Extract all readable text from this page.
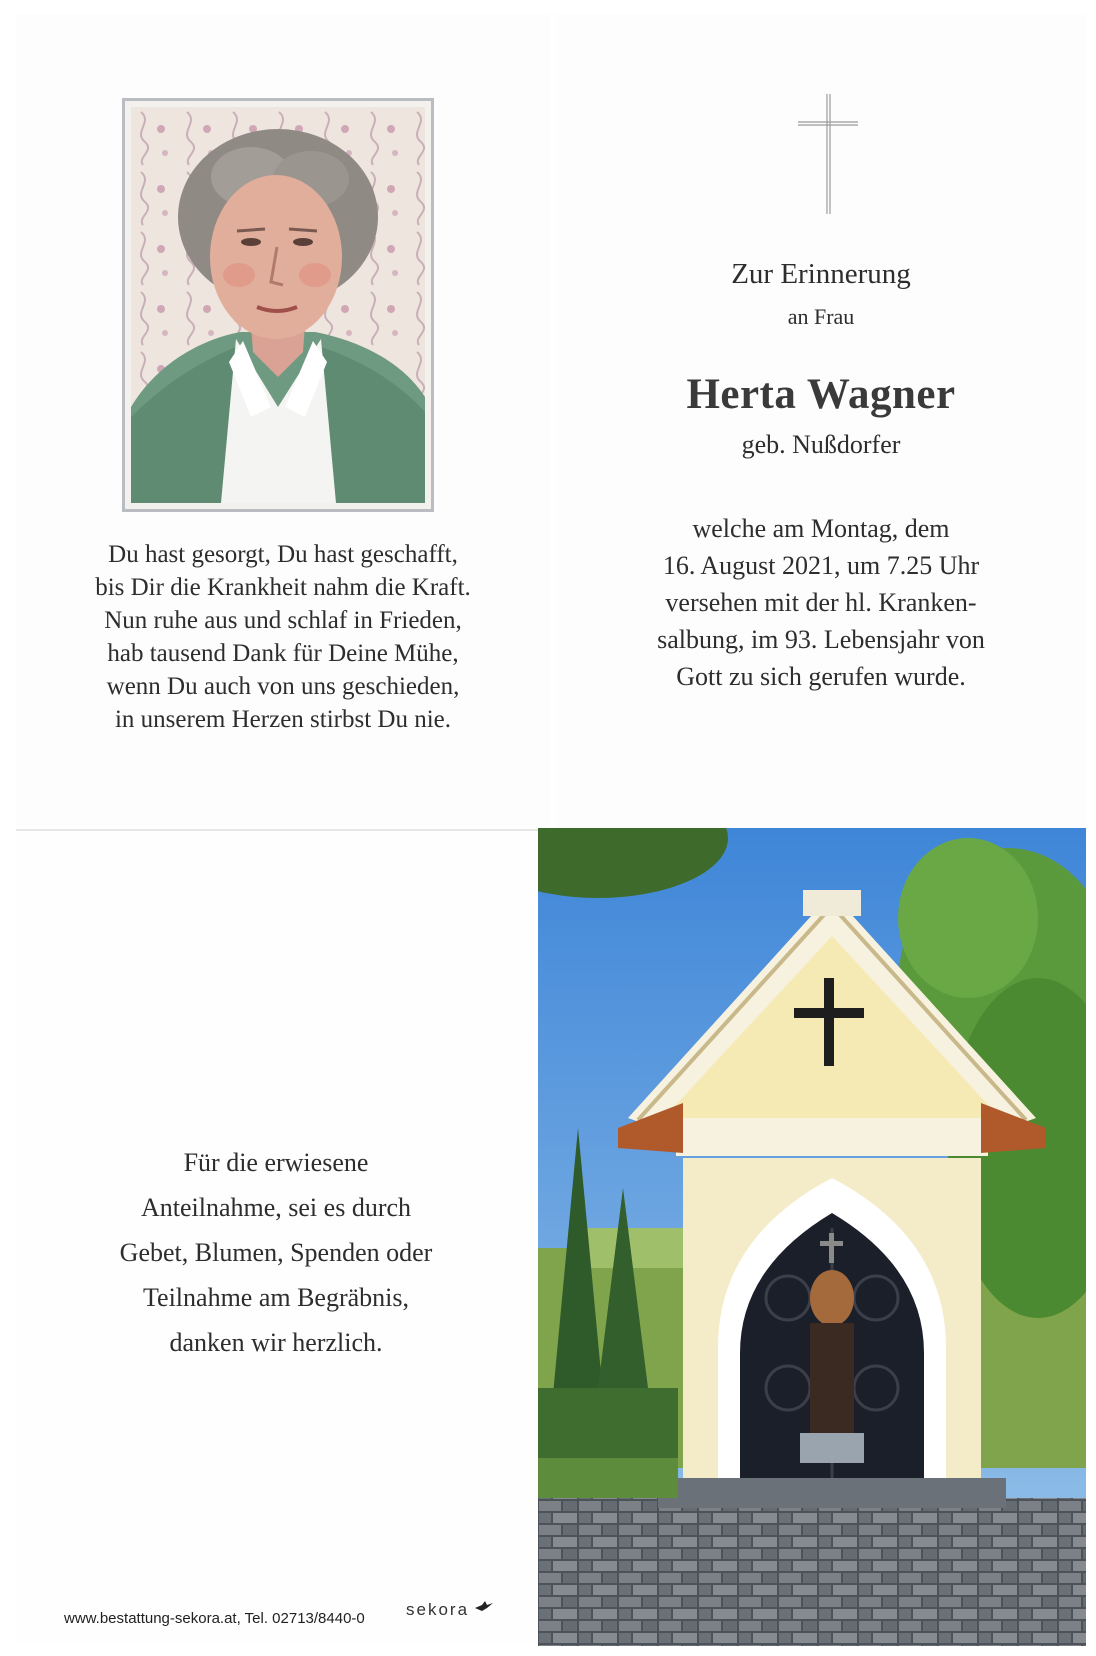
Du hast gesorgt, Du hast geschafft,
bis Dir die Krankheit nahm die Kraft.
Nun ruhe aus und schlaf in Frieden,
hab tausend Dank für Deine Mühe,
wenn Du auch von uns geschieden,
in unserem Herzen stirbst Du nie.
Zur Erinnerung
an Frau
Herta Wagner
geb. Nußdorfer
welche am Montag, dem
16. August 2021, um 7.25 Uhr
versehen mit der hl. Kranken-
salbung, im 93. Lebensjahr von
Gott zu sich gerufen wurde.
Für die erwiesene
Anteilnahme, sei es durch
Gebet, Blumen, Spenden oder
Teilnahme am Begräbnis,
danken wir herzlich.
www.bestattung-sekora.at, Tel. 02713/8440-0 sekora
